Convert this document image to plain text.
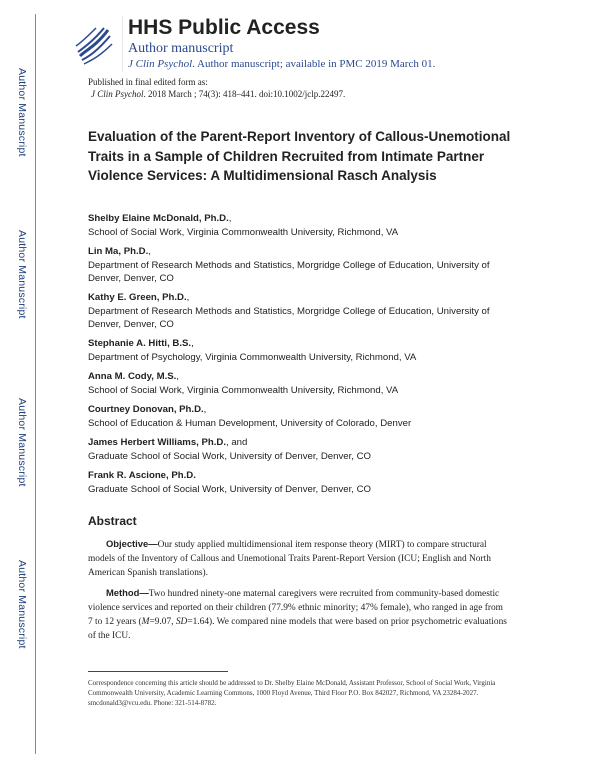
Author Manuscript
Author Manuscript
Author Manuscript
Author Manuscript
HHS Public Access
Author manuscript
J Clin Psychol. Author manuscript; available in PMC 2019 March 01.
Published in final edited form as:
J Clin Psychol. 2018 March ; 74(3): 418–441. doi:10.1002/jclp.22497.
Evaluation of the Parent-Report Inventory of Callous-Unemotional Traits in a Sample of Children Recruited from Intimate Partner Violence Services: A Multidimensional Rasch Analysis
Shelby Elaine McDonald, Ph.D.,
School of Social Work, Virginia Commonwealth University, Richmond, VA
Lin Ma, Ph.D.,
Department of Research Methods and Statistics, Morgridge College of Education, University of Denver, Denver, CO
Kathy E. Green, Ph.D.,
Department of Research Methods and Statistics, Morgridge College of Education, University of Denver, Denver, CO
Stephanie A. Hitti, B.S.,
Department of Psychology, Virginia Commonwealth University, Richmond, VA
Anna M. Cody, M.S.,
School of Social Work, Virginia Commonwealth University, Richmond, VA
Courtney Donovan, Ph.D.,
School of Education & Human Development, University of Colorado, Denver
James Herbert Williams, Ph.D., and
Graduate School of Social Work, University of Denver, Denver, CO
Frank R. Ascione, Ph.D.
Graduate School of Social Work, University of Denver, Denver, CO
Abstract
Objective—Our study applied multidimensional item response theory (MIRT) to compare structural models of the Inventory of Callous and Unemotional Traits Parent-Report Version (ICU; English and North American Spanish translations).
Method—Two hundred ninety-one maternal caregivers were recruited from community-based domestic violence services and reported on their children (77.9% ethnic minority; 47% female), who ranged in age from 7 to 12 years (M=9.07, SD=1.64). We compared nine models that were based on prior psychometric evaluations of the ICU.
Correspondence concerning this article should be addressed to Dr. Shelby Elaine McDonald, Assistant Professor, School of Social Work, Virginia Commonwealth University, Academic Learning Commons, 1000 Floyd Avenue, Third Floor P.O. Box 842027, Richmond, VA 23284-2027. smcdonald3@vcu.edu. Phone: 321-514-8782.
